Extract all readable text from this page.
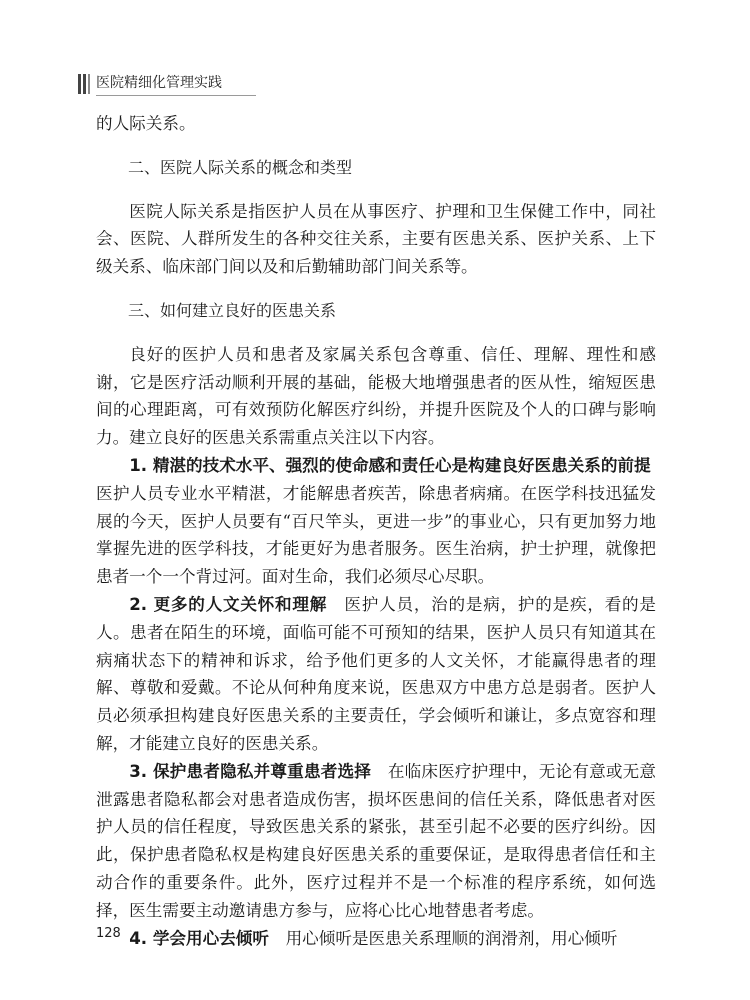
医院精细化管理实践

的人际关系。

二、医院人际关系的概念和类型

医院人际关系是指医护人员在从事医疗、护理和卫生保健工作中，同社会、医院、人群所发生的各种交往关系，主要有医患关系、医护关系、上下级关系、临床部门间以及和后勤辅助部门间关系等。

三、如何建立良好的医患关系

良好的医护人员和患者及家属关系包含尊重、信任、理解、理性和感谢，它是医疗活动顺利开展的基础，能极大地增强患者的医从性，缩短医患间的心理距离，可有效预防化解医疗纠纷，并提升医院及个人的口碑与影响力。建立良好的医患关系需重点关注以下内容。

1. 精湛的技术水平、强烈的使命感和责任心是构建良好医患关系的前提　医护人员专业水平精湛，才能解患者疾苦，除患者病痛。在医学科技迅猛发展的今天，医护人员要有“百尺竿头，更进一步”的事业心，只有更加努力地掌握先进的医学科技，才能更好为患者服务。医生治病，护士护理，就像把患者一个一个背过河。面对生命，我们必须尽心尽职。

2. 更多的人文关怀和理解　医护人员，治的是病，护的是疾，看的是人。患者在陌生的环境，面临可能不可预知的结果，医护人员只有知道其在病痛状态下的精神和诉求，给予他们更多的人文关怀，才能赢得患者的理解、尊敬和爱戴。不论从何种角度来说，医患双方中患方总是弱者。医护人员必须承担构建良好医患关系的主要责任，学会倾听和谦让，多点宽容和理解，才能建立良好的医患关系。

3. 保护患者隐私并尊重患者选择　在临床医疗护理中，无论有意或无意泄露患者隐私都会对患者造成伤害，损坏医患间的信任关系，降低患者对医护人员的信任程度，导致医患关系的紧张，甚至引起不必要的医疗纠纷。因此，保护患者隐私权是构建良好医患关系的重要保证，是取得患者信任和主动合作的重要条件。此外，医疗过程并不是一个标准的程序系统，如何选择，医生需要主动邀请患方参与，应将心比心地替患者考虑。

4. 学会用心去倾听　用心倾听是医患关系理顺的润滑剂，用心倾听

128
